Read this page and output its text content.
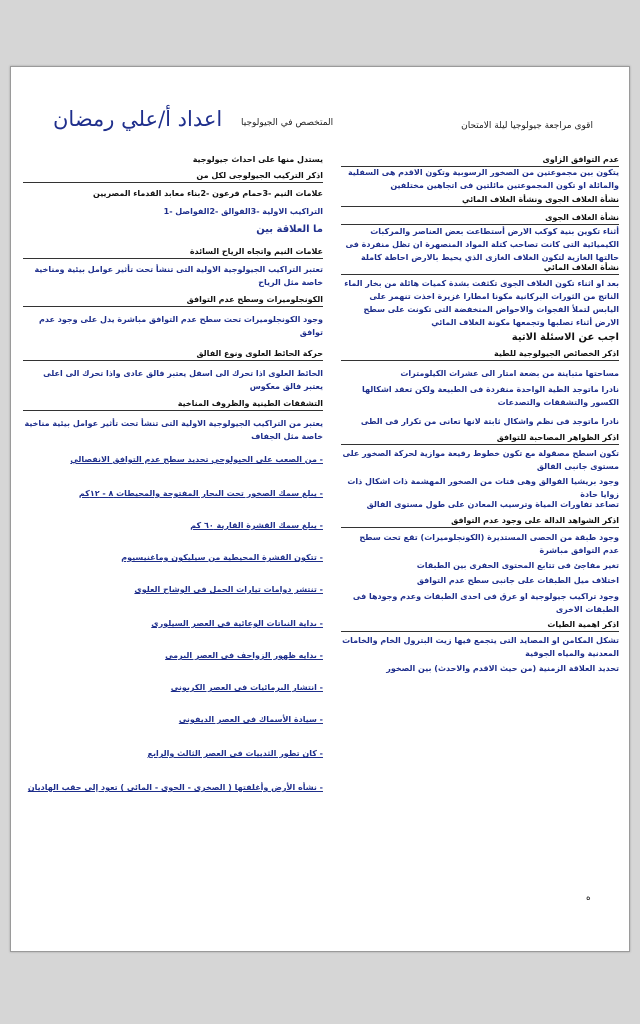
اقوى مراجعة جيولوجيا ليلة الامتحان
المتخصص في الجيولوجيا
اعداد أ/علي رمضان
عدم التوافق الزاوى
يتكون بين مجموعتين من الصخور الرسوبية وتكون الاقدم هى السفلية والمائلة او تكون المجموعتين مائلتين فى اتجاهين مختلفين
نشأة الغلاف الجوى ونشأة الغلاف المائي
نشأة الغلاف الجوى
أثناء تكوين بنية كوكب الارض أستطاعت بعض العناصر والمركبات الكيميائية التى كانت تصاحب كتلة المواد المنصهرة ان تظل منفردة فى حالتها الغازية لتكون الغلاف الغازى الذي يحيط بالارض احاطة كاملة
نشأة الغلاف المائي
بعد او اثناء تكون الغلاف الجوى تكثفت بشدة كميات هائلة من بخار الماء الناتج من الثورات البركانية مكونا امطارا غزيرة اخذت تنهمر على اليابس لتملأ الفجوات والاحواض المنخفضة التى تكونت على سطح الارض أثناء تصلبها وتجمعها مكونة الغلاف المائي
اجب عن الاسئلة الاتية
اذكر الخصائص الجيولوجية للطية
مساحتها متباينة من بضعة امتار الى عشرات الكيلومترات
نادرا ماتوجد الطية الواحدة منفردة فى الطبيعة ولكن تعقد اشكالها الكسور والتشققات والتصدعات
نادرا ماتوجد فى نظم واشكال ثابتة لانها تعانى من تكرار فى الطى
اذكر الظواهر المصاحبة للتوافق
تكون اسطح مصقولة مع تكون خطوط رفيعة موازية لحركة الصخور على مستوى جانبى الفالق
وجود بريشيا الفوالق وهى فتات من الصخور المهشمة ذات اشكال ذات زوايا حادة
تصاعد تفاورات المياة وترسيب المعادن على طول مستوى الفالق
اذكر الشواهد الدالة على وجود عدم التوافق
وجود طبقة من الحصى المستديرة (الكونجلوميرات) تقع تحت سطح عدم التوافق مباشرة
تغير مفاجئ فى تتابع المحتوى الحفرى بين الطبقات
اختلاف ميل الطبقات على جانبى سطح عدم التوافق
وجود تراكيب جيولوجية او عرق فى احدى الطبقات وعدم وجودها فى الطبقات الاخرى
اذكر اهمية الطيات
تشكل المكامن او المصايد التى يتجمع فيها زيت البترول الخام والخامات المعدنية والمياه الجوفية
تحديد العلاقة الزمنية (من حيث الاقدم والاحدث) بين الصخور
يستدل منها على احداث جيولوجية
اذكر التركيب الجيولوجى لكل من
علامات النيم -3حمام فرعون -2بناء معابد القدماء المصريين
التراكيب الاولية -3الفوالق -2الفواصل -1
ما العلاقة بين
علامات النيم واتجاه الرياح السائدة
تعتبر التراكيب الجيولوجية الاولية التى تنشأ تحت تأثير عوامل بيئية ومناخية خاصة مثل الرياح
الكونجلوميرات وسطح عدم التوافق
وجود الكونجلوميرات تحت سطح عدم التوافق مباشرة يدل على وجود عدم توافق
حركة الحائط العلوى ونوع الفالق
الحائط العلوى اذا تحرك الى اسفل يعتبر فالق عادى واذا تحرك الى اعلى يعتبر فالق معكوس
التشققات الطينية والظروف المناخية
يعتبر من التراكيب الجيولوجية الاولية التى تنشأ تحت تأثير عوامل بيئية مناخية خاصة مثل الجفاف
- من الصعب على الجيولوجي تحديد سطح عدم التوافق الانفصالي
- يبلغ سمك الصخور تحت البحار المفتوحة والمحيطات ٨ - ١٢كم
- يبلغ سمك القشرة القارية ٦٠ كم
- تتكون القشرة المحيطية من سيليكون وماغنيسيوم
- تنتشر دوامات تيارات الحمل فى الوشاح العلوى
- بداية النباتات الوعائية فى العصر السيلورى
- بدايه ظهور الزواحف فى العصر البرمى
- انتشار البرمائيات فى العصر الكربونى
- سيادة الأسماك فى العصر الديفونى
- كان تطور الثدييات فى العصر الثالث والرابع
- نشأه الأرض وأغلفتها ( الصخرى - الجوى - المائى ) تعود إلى حقب الهاديان
ه
